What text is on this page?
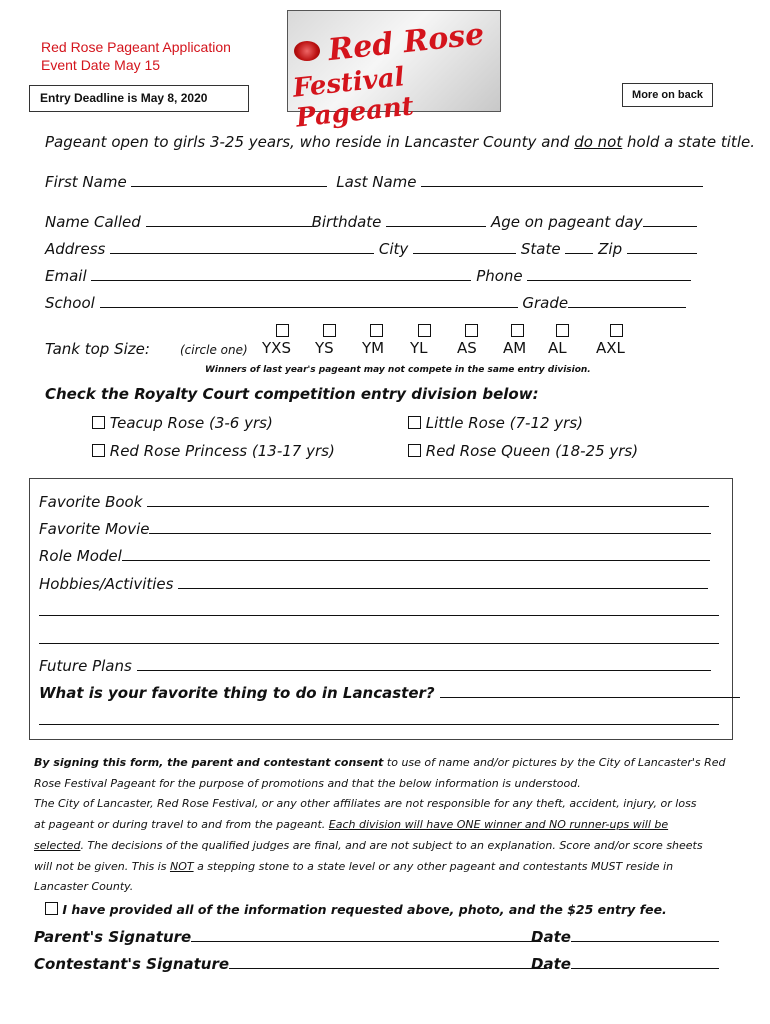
Red Rose Pageant Application
Event Date May 15
Entry Deadline is May 8, 2020
Red Rose
Festival Pageant	More on back
Pageant open to girls 3-25 years, who reside in Lancaster County and do not hold a state title.
First Name	Last Name
Name Called	Birthdate	Age on pageant day
Address	City	State	Zip
Email	Phone
School	Grade
Tank top Size:	(circle one) YXS YS YM YL AS AM AL AXL
Winners of last year's pageant may not compete in the same entry division.
Check the Royalty Court competition entry division below:
Teacup Rose (3-6 yrs)	Little Rose (7-12 yrs)
Red Rose Princess (13-17 yrs)	Red Rose Queen (18-25 yrs)
Favorite Book
Favorite Movie
Role Model
Hobbies/Activities
Future Plans
What is your favorite thing to do in Lancaster?
By signing this form, the parent and contestant consent to use of name and/or pictures by the City of Lancaster's Red
Rose Festival Pageant for the purpose of promotions and that the below information is understood.
The City of Lancaster, Red Rose Festival, or any other affiliates are not responsible for any theft, accident, injury, or loss
at pageant or during travel to and from the pageant. Each division will have ONE winner and NO runner-ups will be
selected. The decisions of the qualified judges are final, and are not subject to an explanation. Score and/or score sheets
will not be given. This is NOT a stepping stone to a state level or any other pageant and contestants MUST reside in
Lancaster County.
I have provided all of the information requested above, photo, and the $25 entry fee.
Parent's Signature	Date
Contestant's Signature	Date
